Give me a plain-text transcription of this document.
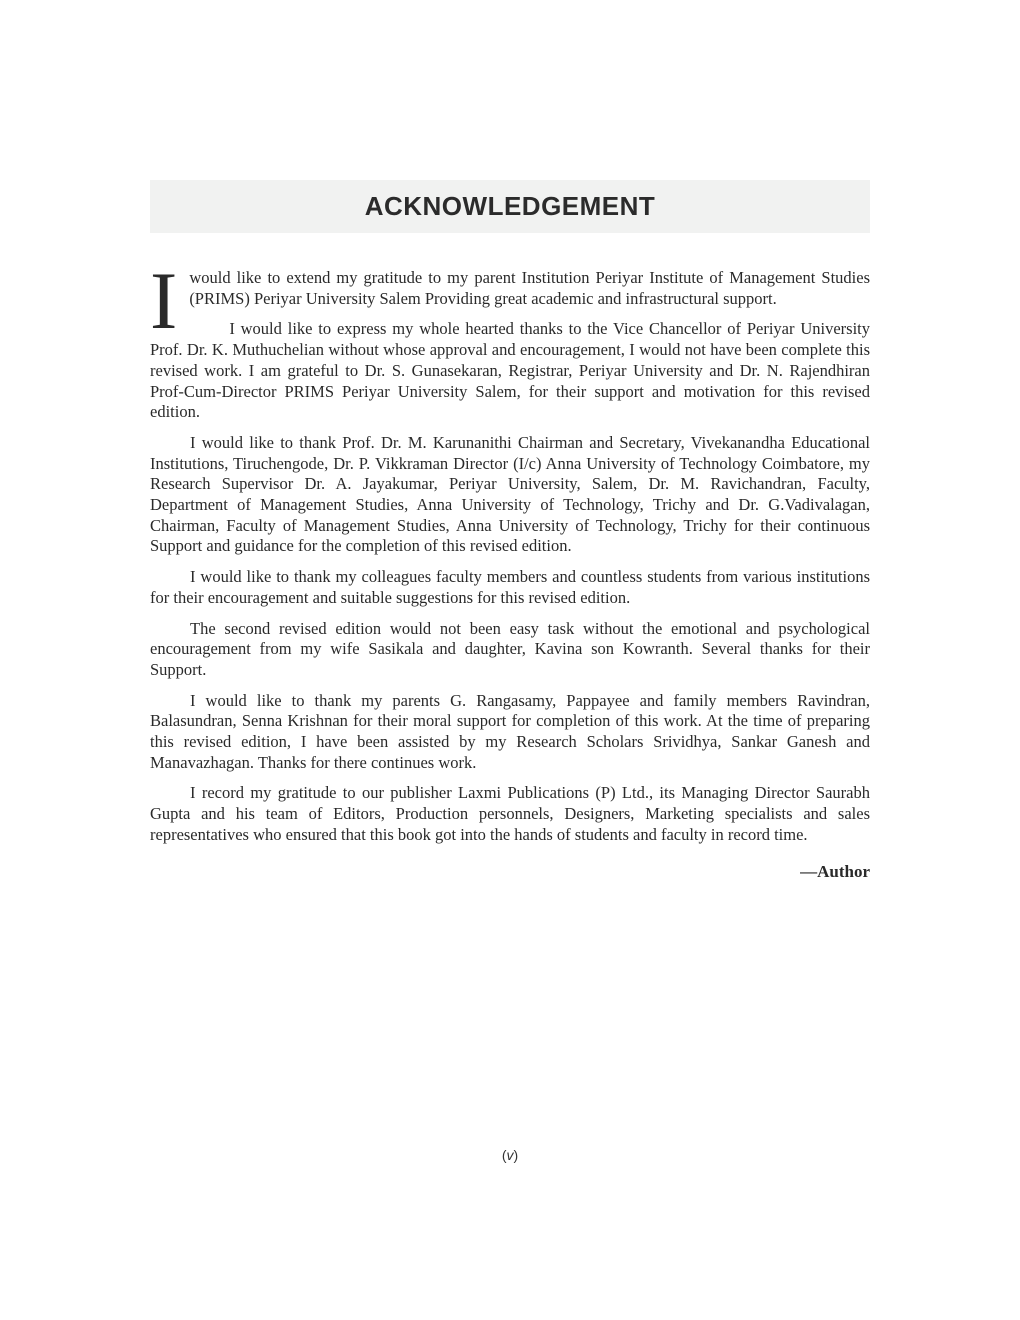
ACKNOWLEDGEMENT

I would like to extend my gratitude to my parent Institution Periyar Institute of Management Studies (PRIMS) Periyar University Salem Providing great academic and infrastructural support.

I would like to express my whole hearted thanks to the Vice Chancellor of Periyar University Prof. Dr. K. Muthuchelian without whose approval and encouragement, I would not have been complete this revised work. I am grateful to Dr. S. Gunasekaran, Registrar, Periyar University and Dr. N. Rajendhiran Prof-Cum-Director PRIMS Periyar University Salem, for their support and motivation for this revised edition.

I would like to thank Prof. Dr. M. Karunanithi Chairman and Secretary, Vivekanandha Educational Institutions, Tiruchengode, Dr. P. Vikkraman Director (I/c) Anna University of Technology Coimbatore, my Research Supervisor Dr. A. Jayakumar, Periyar University, Salem, Dr. M. Ravichandran, Faculty, Department of Management Studies, Anna University of Technology, Trichy and Dr. G.Vadivalagan, Chairman, Faculty of Management Studies, Anna University of Technology, Trichy for their continuous Support and guidance for the completion of this revised edition.

I would like to thank my colleagues faculty members and countless students from various institutions for their encouragement and suitable suggestions for this revised edition.

The second revised edition would not been easy task without the emotional and psychological encouragement from my wife Sasikala and daughter, Kavina son Kowranth. Several thanks for their Support.

I would like to thank my parents G. Rangasamy, Pappayee and family members Ravindran, Balasundran, Senna Krishnan for their moral support for completion of this work. At the time of preparing this revised edition, I have been assisted by my Research Scholars Srividhya, Sankar Ganesh and Manavazhagan. Thanks for there continues work.

I record my gratitude to our publisher Laxmi Publications (P) Ltd., its Managing Director Saurabh Gupta and his team of Editors, Production personnels, Designers, Marketing specialists and sales representatives who ensured that this book got into the hands of students and faculty in record time.

—Author
(v)
